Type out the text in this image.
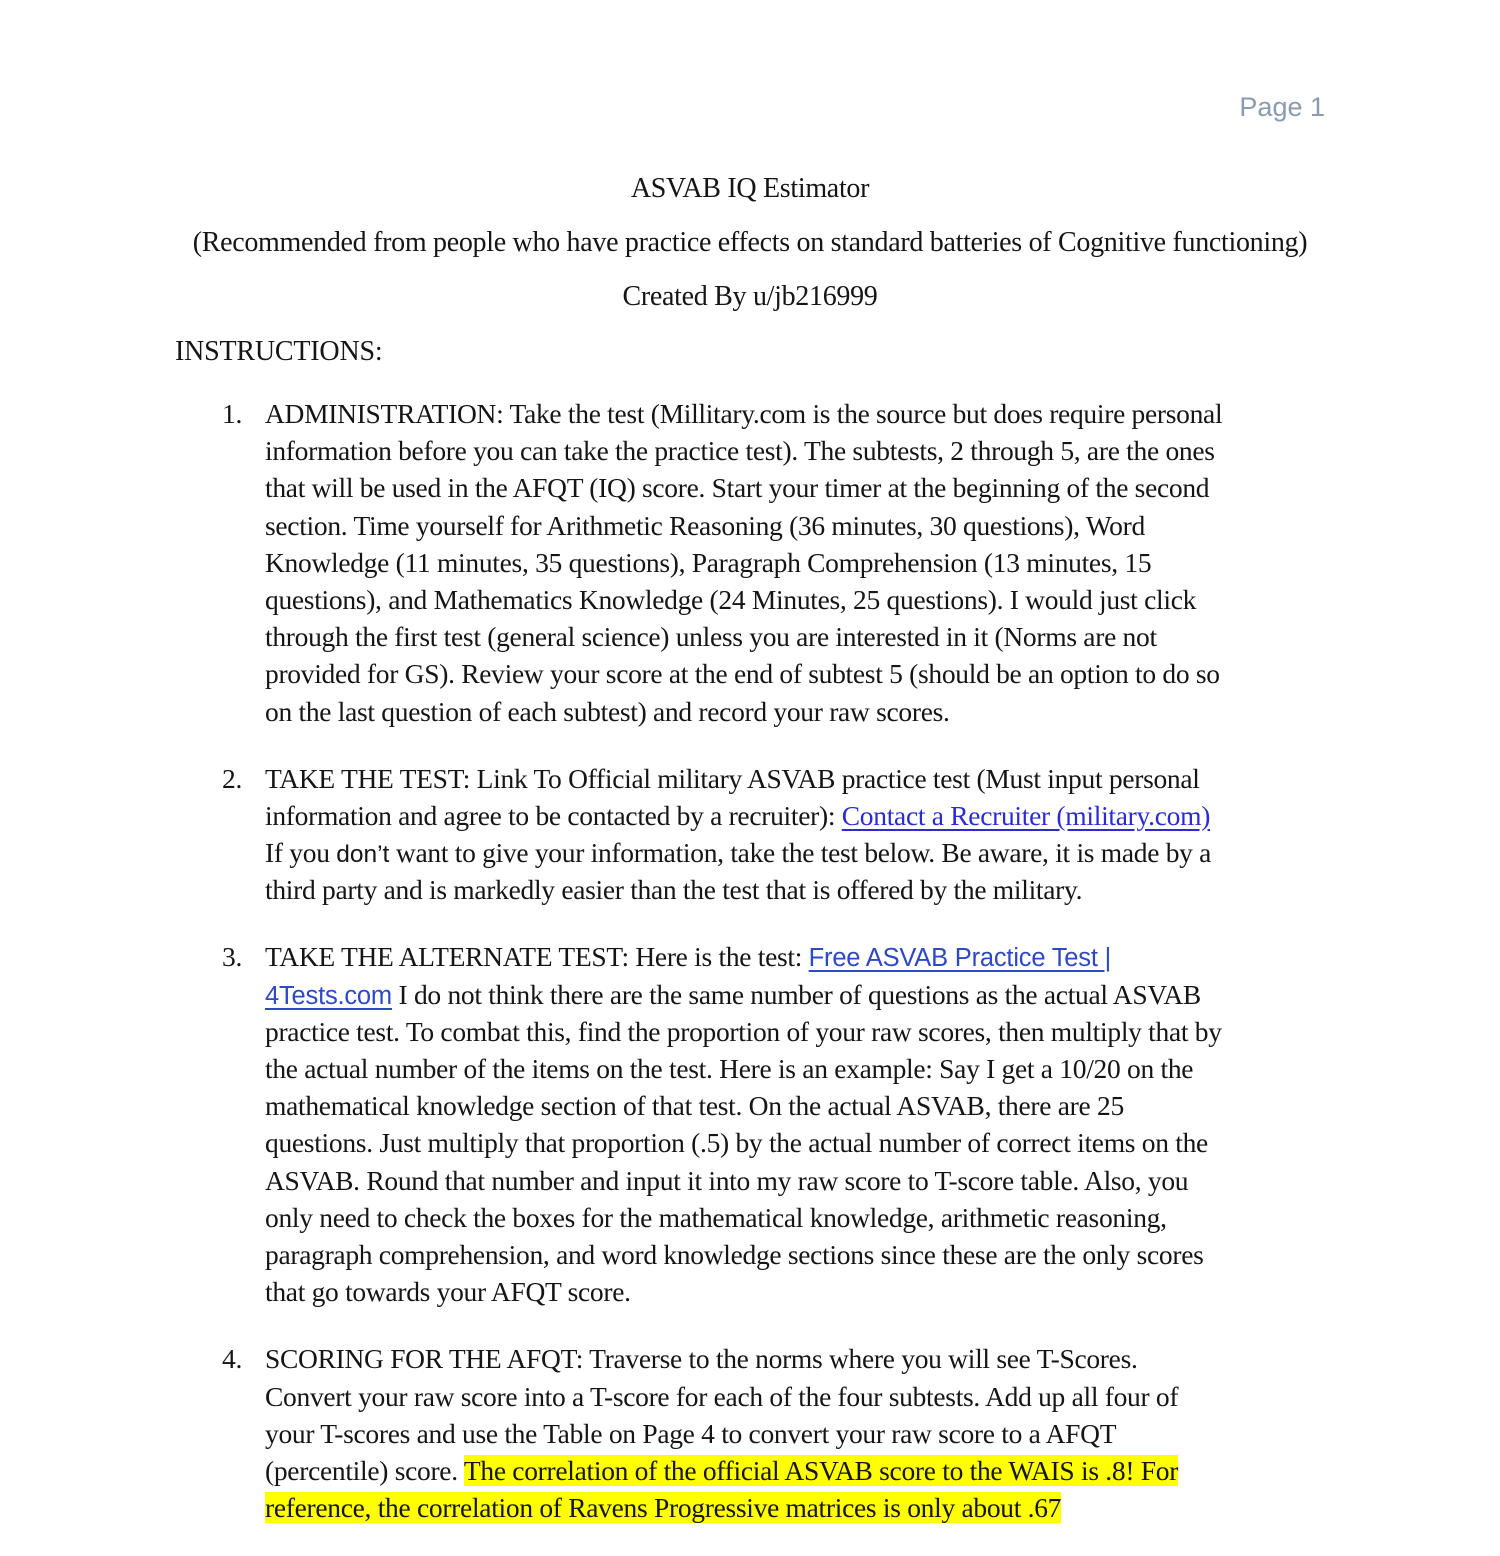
Page 1
ASVAB IQ Estimator
(Recommended from people who have practice effects on standard batteries of Cognitive functioning)
Created By u/jb216999
INSTRUCTIONS:
1. ADMINISTRATION: Take the test (Millitary.com is the source but does require personal
information before you can take the practice test). The subtests, 2 through 5, are the ones
that will be used in the AFQT (IQ) score. Start your timer at the beginning of the second
section. Time yourself for Arithmetic Reasoning (36 minutes, 30 questions), Word
Knowledge (11 minutes, 35 questions), Paragraph Comprehension (13 minutes, 15
questions), and Mathematics Knowledge (24 Minutes, 25 questions). I would just click
through the first test (general science) unless you are interested in it (Norms are not
provided for GS). Review your score at the end of subtest 5 (should be an option to do so
on the last question of each subtest) and record your raw scores.
2. TAKE THE TEST: Link To Official military ASVAB practice test (Must input personal
information and agree to be contacted by a recruiter): Contact a Recruiter (military.com)
If you don’t want to give your information, take the test below. Be aware, it is made by a
third party and is markedly easier than the test that is offered by the military.
3. TAKE THE ALTERNATE TEST: Here is the test: Free ASVAB Practice Test |
4Tests.com I do not think there are the same number of questions as the actual ASVAB
practice test. To combat this, find the proportion of your raw scores, then multiply that by
the actual number of the items on the test. Here is an example: Say I get a 10/20 on the
mathematical knowledge section of that test. On the actual ASVAB, there are 25
questions. Just multiply that proportion (.5) by the actual number of correct items on the
ASVAB. Round that number and input it into my raw score to T-score table. Also, you
only need to check the boxes for the mathematical knowledge, arithmetic reasoning,
paragraph comprehension, and word knowledge sections since these are the only scores
that go towards your AFQT score.
4. SCORING FOR THE AFQT: Traverse to the norms where you will see T-Scores.
Convert your raw score into a T-score for each of the four subtests. Add up all four of
your T-scores and use the Table on Page 4 to convert your raw score to a AFQT
(percentile) score. The correlation of the official ASVAB score to the WAIS is .8! For
reference, the correlation of Ravens Progressive matrices is only about .67
